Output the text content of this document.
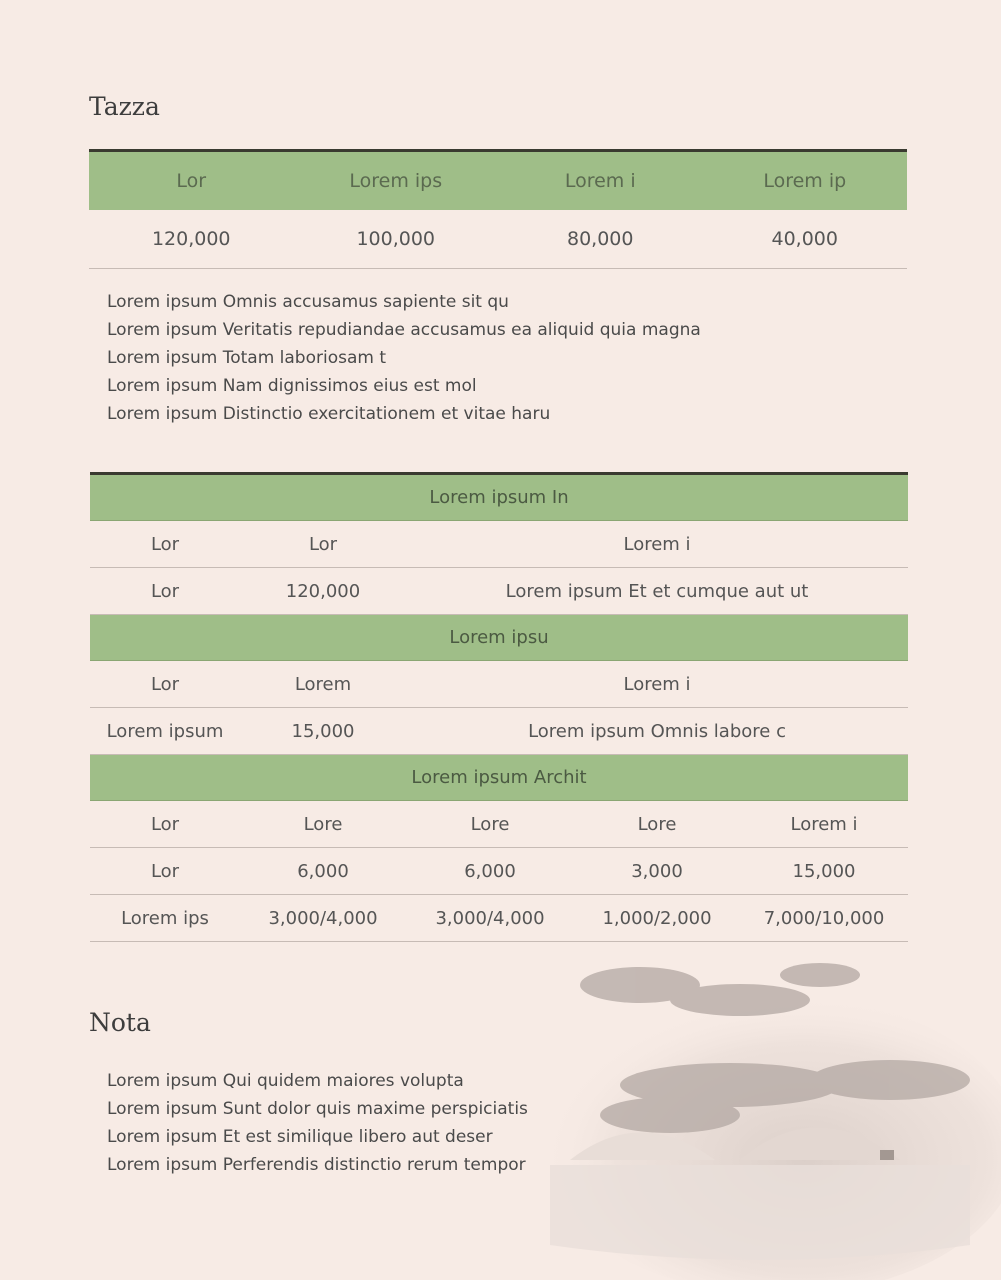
Tazza
Lor	Lorem ips	Lorem i	Lorem ip
120,000	100,000	80,000	40,000
Lorem ipsum Omnis accusamus sapiente sit qu
Lorem ipsum Veritatis repudiandae accusamus ea aliquid quia magna
Lorem ipsum Totam laboriosam t
Lorem ipsum Nam dignissimos eius est mol
Lorem ipsum Distinctio exercitationem et vitae haru
Lorem ipsum In				
Lor	Lor	Lorem i		
Lor	120,000	Lorem ipsum Et et cumque aut ut		
Lorem ipsu				
Lor	Lorem	Lorem i		
Lorem ipsum	15,000	Lorem ipsum Omnis labore c		
Lorem ipsum Archit				
Lor	Lore	Lore	Lore	Lorem i
Lor	6,000	6,000	3,000	15,000
Lorem ips	3,000/4,000	3,000/4,000	1,000/2,000	7,000/10,000
Nota
Lorem ipsum Qui quidem maiores volupta
Lorem ipsum Sunt dolor quis maxime perspiciatis
Lorem ipsum Et est similique libero aut deser
Lorem ipsum Perferendis distinctio rerum tempor
